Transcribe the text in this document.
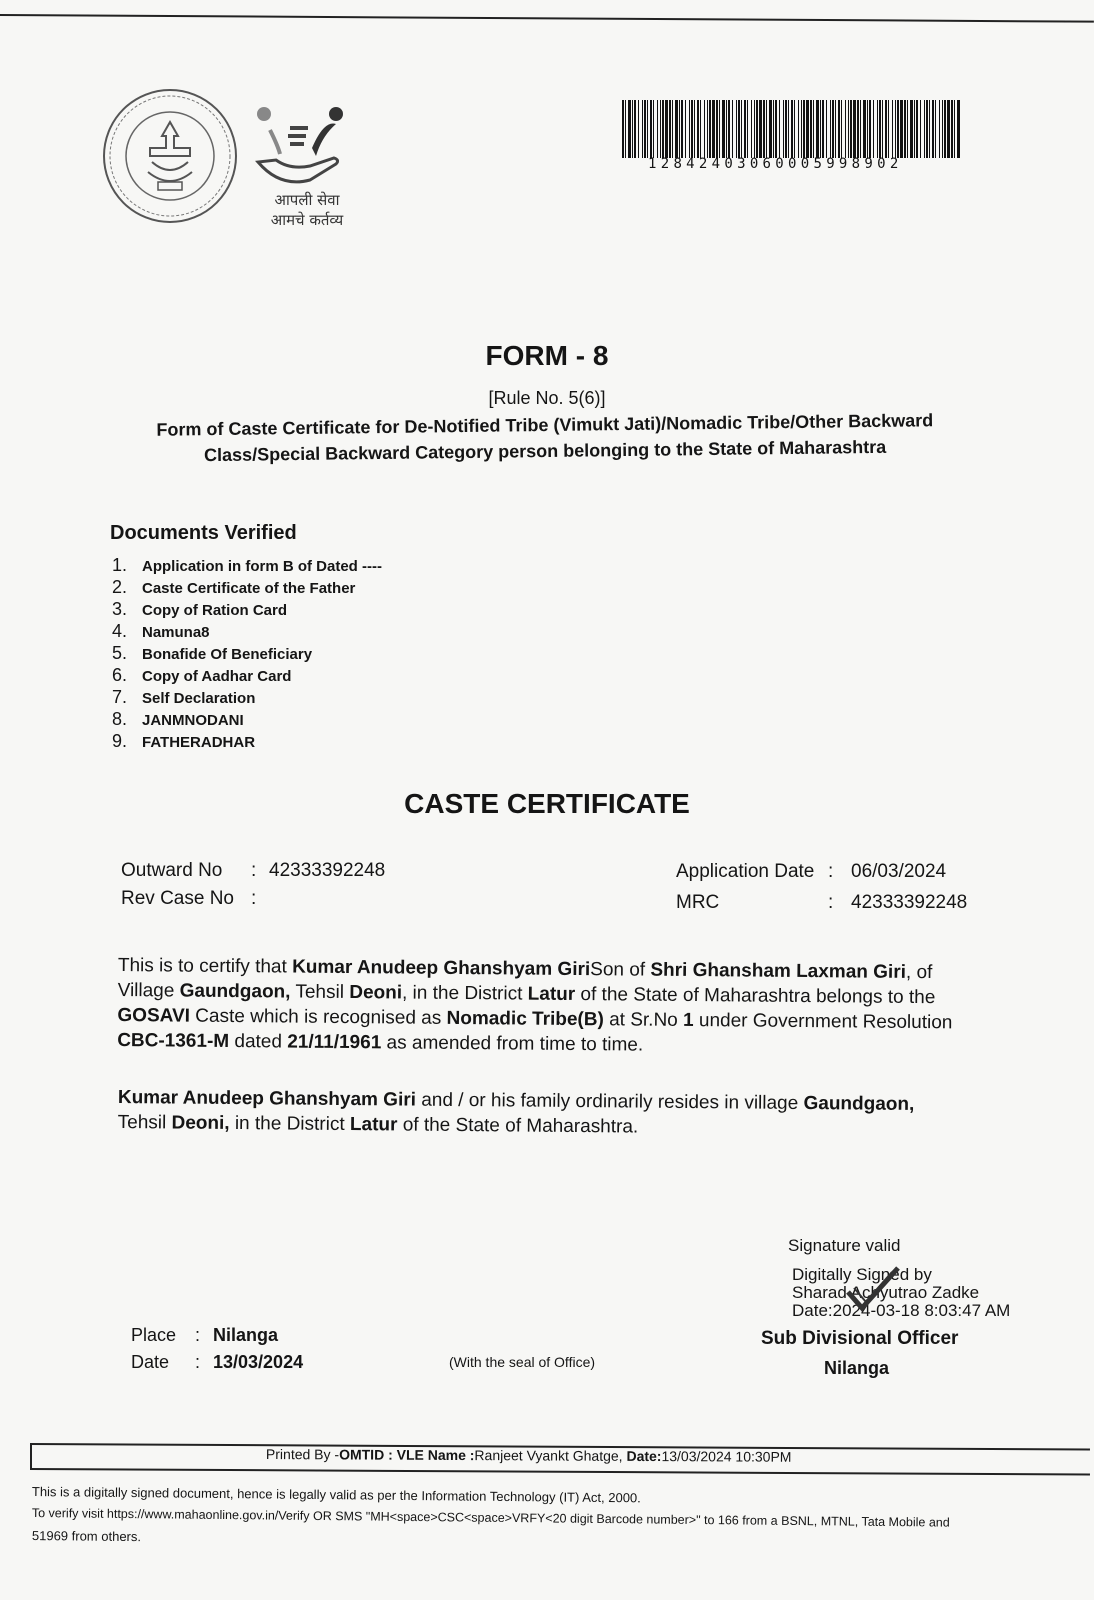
आपली सेवा
आमचे कर्तव्य
12842403060005998902
FORM - 8
[Rule No. 5(6)]
Form of Caste Certificate for De-Notified Tribe (Vimukt Jati)/Nomadic Tribe/Other Backward
Class/Special Backward Category person belonging to the State of Maharashtra
Documents Verified
1. Application in form B of Dated ----
2. Caste Certificate of the Father
3. Copy of Ration Card
4. Namuna8
5. Bonafide Of Beneficiary
6. Copy of Aadhar Card
7. Self Declaration
8. JANMNODANI
9. FATHERADHAR
CASTE CERTIFICATE
Outward No : 42333392248
Rev Case No :
Application Date : 06/03/2024
MRC	: 42333392248
This is to certify that Kumar Anudeep Ghanshyam GiriSon of Shri Ghansham Laxman Giri, of
Village Gaundgaon, Tehsil Deoni, in the District Latur of the State of Maharashtra belongs to the
GOSAVI Caste which is recognised as Nomadic Tribe(B) at Sr.No 1 under Government Resolution
CBC-1361-M dated 21/11/1961 as amended from time to time.
Kumar Anudeep Ghanshyam Giri and / or his family ordinarily resides in village Gaundgaon,
Tehsil Deoni, in the District Latur of the State of Maharashtra.
Signature valid
Digitally Signed by
Sharad Achyutrao Zadke
Date:2024-03-18 8:03:47 AM
Sub Divisional Officer
Nilanga
Place : Nilanga
Date : 13/03/2024	(With the seal of Office)
Printed By -OMTID : VLE Name :Ranjeet Vyankt Ghatge, Date:13/03/2024 10:30PM
This is a digitally signed document, hence is legally valid as per the Information Technology (IT) Act, 2000.
To verify visit https://www.mahaonline.gov.in/Verify OR SMS "MH<space>CSC<space>VRFY<20 digit Barcode number>" to 166 from a BSNL, MTNL, Tata Mobile and
51969 from others.
